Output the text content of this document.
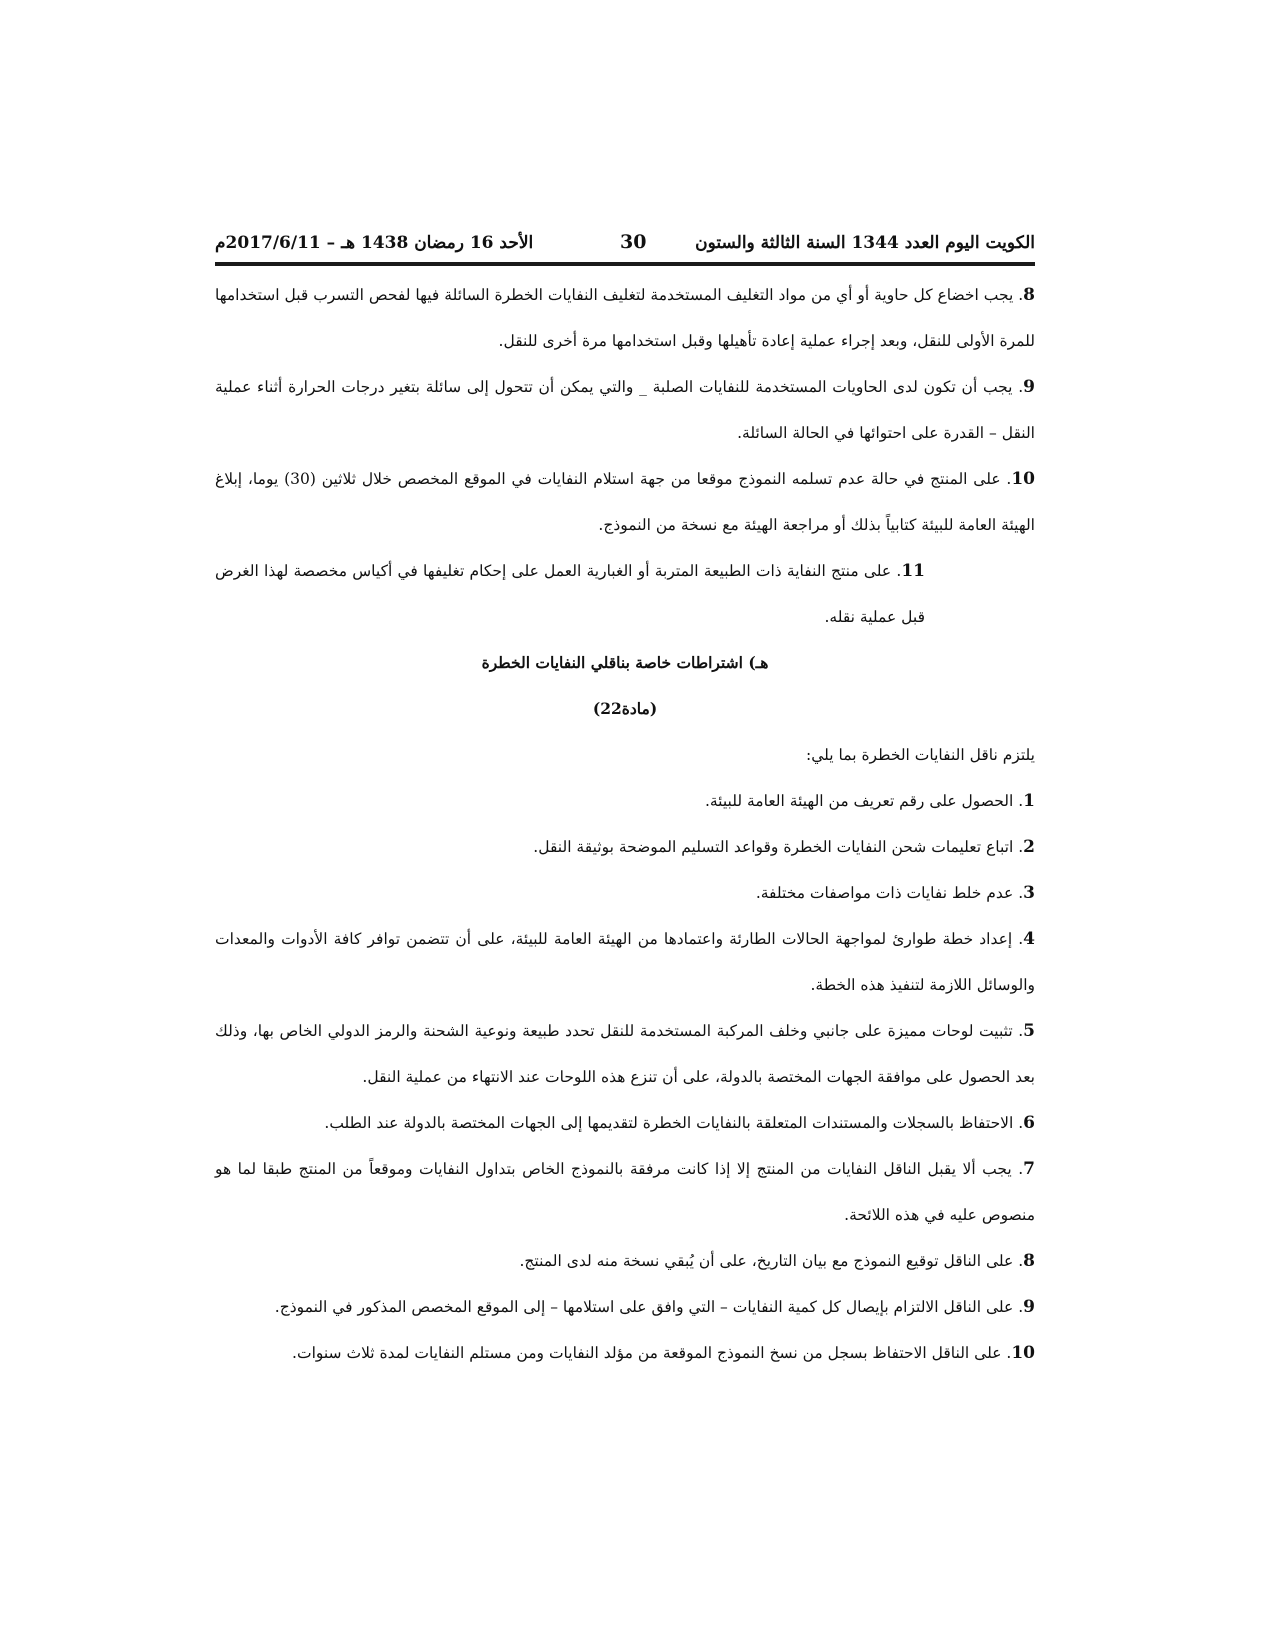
الكويت اليوم العدد 1344 السنة الثالثة والستون
30
الأحد 16 رمضان 1438 هـ – 2017/6/11م

8. يجب اخضاع كل حاوية أو أي من مواد التغليف المستخدمة لتغليف النفايات الخطرة السائلة فيها لفحص التسرب قبل استخدامها للمرة الأولى للنقل، وبعد إجراء عملية إعادة تأهيلها وقبل استخدامها مرة أخرى للنقل.

9. يجب أن تكون لدى الحاويات المستخدمة للنفايات الصلبة _ والتي يمكن أن تتحول إلى سائلة بتغير درجات الحرارة أثناء عملية النقل – القدرة على احتوائها في الحالة السائلة.

10. على المنتج في حالة عدم تسلمه النموذج موقعا من جهة استلام النفايات في الموقع المخصص خلال ثلاثين (30) يوما، إبلاغ الهيئة العامة للبيئة كتابياً بذلك أو مراجعة الهيئة مع نسخة من النموذج.

11. على منتج النفاية ذات الطبيعة المتربة أو الغبارية العمل على إحكام تغليفها في أكياس مخصصة لهذا الغرض قبل عملية نقله.

هـ) اشتراطات خاصة بناقلي النفايات الخطرة

(مادة22)

يلتزم ناقل النفايات الخطرة بما يلي:

1. الحصول على رقم تعريف من الهيئة العامة للبيئة.

2. اتباع تعليمات شحن النفايات الخطرة وقواعد التسليم الموضحة بوثيقة النقل.

3. عدم خلط نفايات ذات مواصفات مختلفة.

4. إعداد خطة طوارئ لمواجهة الحالات الطارئة واعتمادها من الهيئة العامة للبيئة، على أن تتضمن توافر كافة الأدوات والمعدات والوسائل اللازمة لتنفيذ هذه الخطة.

5. تثبيت لوحات مميزة على جانبي وخلف المركبة المستخدمة للنقل تحدد طبيعة ونوعية الشحنة والرمز الدولي الخاص بها، وذلك بعد الحصول على موافقة الجهات المختصة بالدولة، على أن تنزع هذه اللوحات عند الانتهاء من عملية النقل.

6. الاحتفاظ بالسجلات والمستندات المتعلقة بالنفايات الخطرة لتقديمها إلى الجهات المختصة بالدولة عند الطلب.

7. يجب ألا يقبل الناقل النفايات من المنتج إلا إذا كانت مرفقة بالنموذج الخاص بتداول النفايات وموقعاً من المنتج طبقا لما هو منصوص عليه في هذه اللائحة.

8. على الناقل توقيع النموذج مع بيان التاريخ، على أن يُبقي نسخة منه لدى المنتج.

9. على الناقل الالتزام بإيصال كل كمية النفايات – التي وافق على استلامها – إلى الموقع المخصص المذكور في النموذج.

10. على الناقل الاحتفاظ بسجل من نسخ النموذج الموقعة من مؤلد النفايات ومن مستلم النفايات لمدة ثلاث سنوات.
